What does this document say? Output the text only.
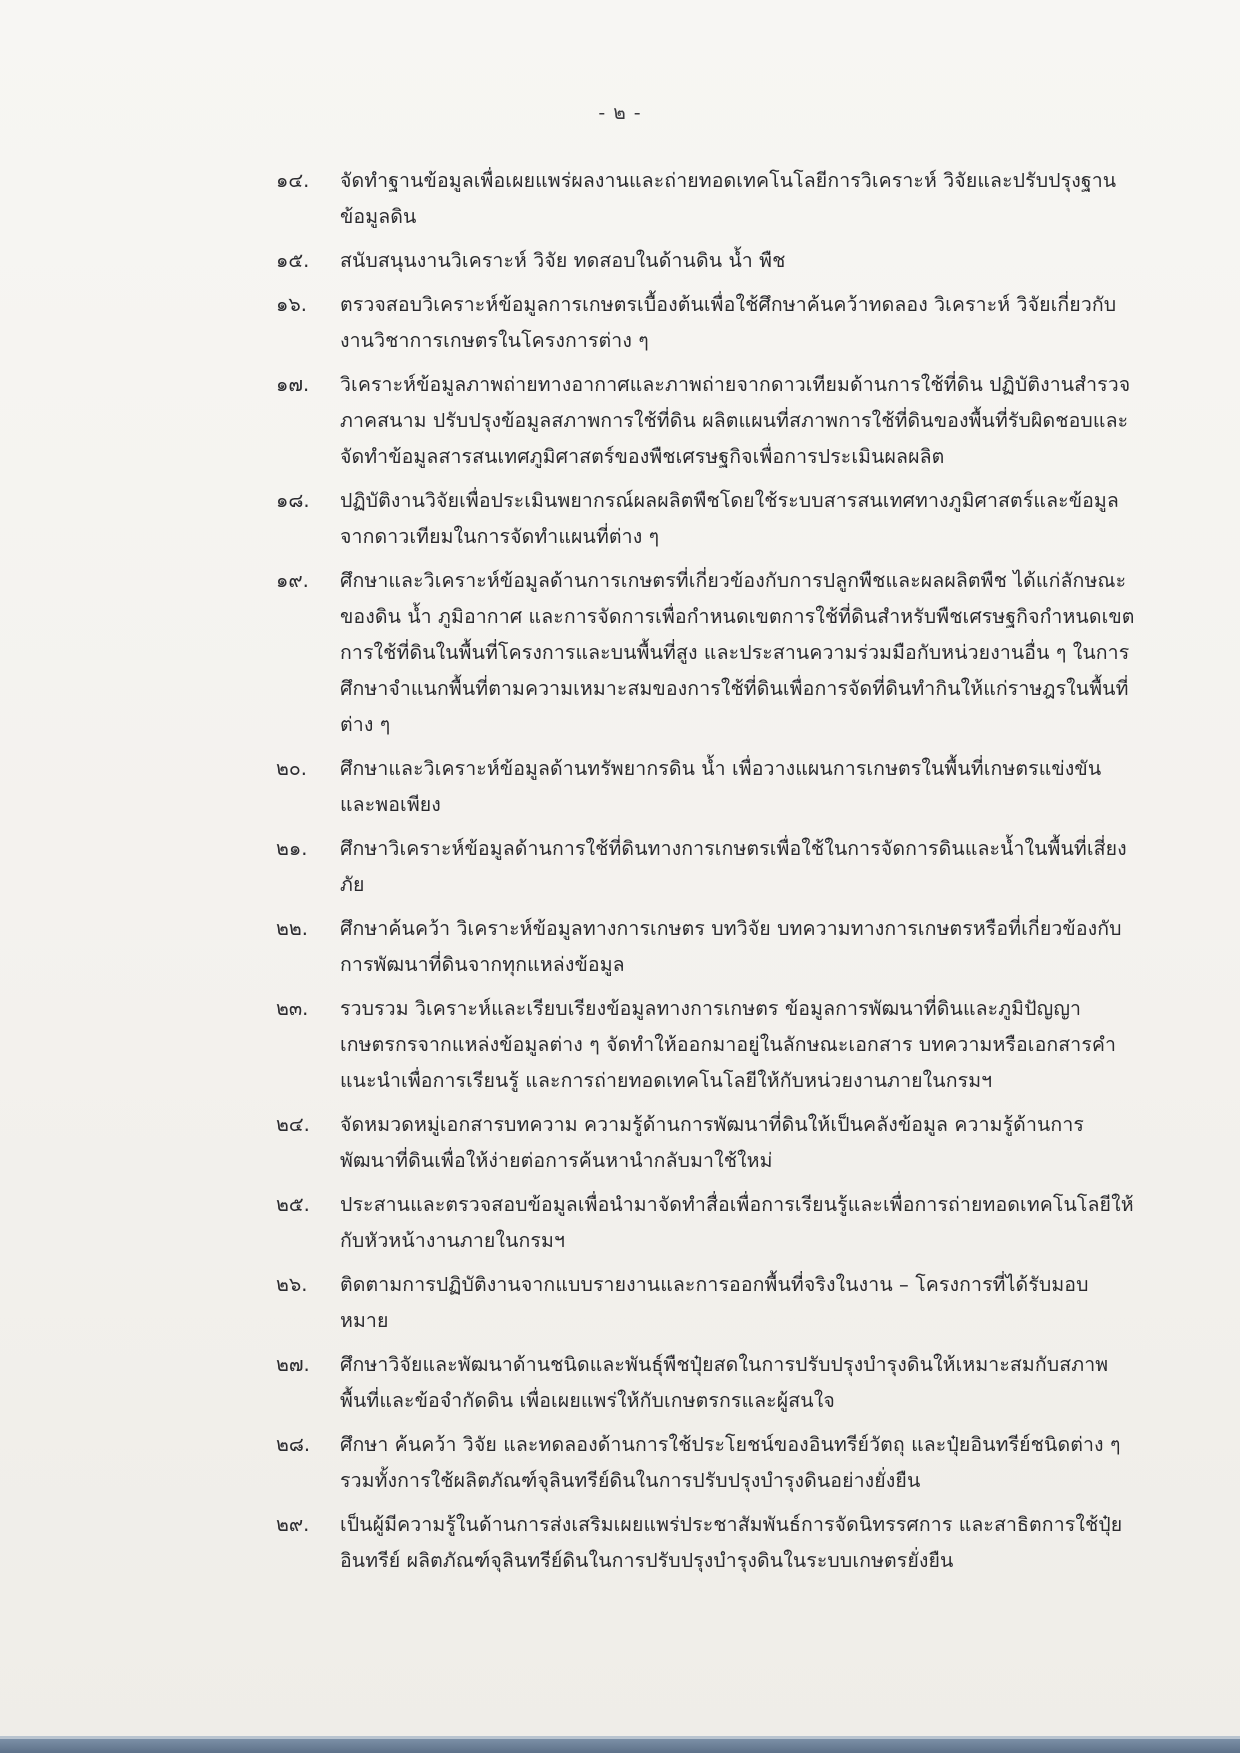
- ๒ -
๑๔.	จัดทำฐานข้อมูลเพื่อเผยแพร่ผลงานและถ่ายทอดเทคโนโลยีการวิเคราะห์ วิจัยและปรับปรุงฐานข้อมูลดิน
๑๕.	สนับสนุนงานวิเคราะห์ วิจัย ทดสอบในด้านดิน น้ำ พืช
๑๖.	ตรวจสอบวิเคราะห์ข้อมูลการเกษตรเบื้องต้นเพื่อใช้ศึกษาค้นคว้าทดลอง วิเคราะห์ วิจัยเกี่ยวกับงานวิชาการเกษตรในโครงการต่าง ๆ
๑๗.	วิเคราะห์ข้อมูลภาพถ่ายทางอากาศและภาพถ่ายจากดาวเทียมด้านการใช้ที่ดิน ปฏิบัติงานสำรวจภาคสนาม ปรับปรุงข้อมูลสภาพการใช้ที่ดิน ผลิตแผนที่สภาพการใช้ที่ดินของพื้นที่รับผิดชอบและจัดทำข้อมูลสารสนเทศภูมิศาสตร์ของพืชเศรษฐกิจเพื่อการประเมินผลผลิต
๑๘.	ปฏิบัติงานวิจัยเพื่อประเมินพยากรณ์ผลผลิตพืชโดยใช้ระบบสารสนเทศทางภูมิศาสตร์และข้อมูลจากดาวเทียมในการจัดทำแผนที่ต่าง ๆ
๑๙.	ศึกษาและวิเคราะห์ข้อมูลด้านการเกษตรที่เกี่ยวข้องกับการปลูกพืชและผลผลิตพืช ได้แก่ลักษณะของดิน น้ำ ภูมิอากาศ และการจัดการเพื่อกำหนดเขตการใช้ที่ดินสำหรับพืชเศรษฐกิจกำหนดเขตการใช้ที่ดินในพื้นที่โครงการและบนพื้นที่สูง และประสานความร่วมมือกับหน่วยงานอื่น ๆ ในการศึกษาจำแนกพื้นที่ตามความเหมาะสมของการใช้ที่ดินเพื่อการจัดที่ดินทำกินให้แก่ราษฎรในพื้นที่ต่าง ๆ
๒๐.	ศึกษาและวิเคราะห์ข้อมูลด้านทรัพยากรดิน น้ำ เพื่อวางแผนการเกษตรในพื้นที่เกษตรแข่งขันและพอเพียง
๒๑.	ศึกษาวิเคราะห์ข้อมูลด้านการใช้ที่ดินทางการเกษตรเพื่อใช้ในการจัดการดินและน้ำในพื้นที่เสี่ยงภัย
๒๒.	ศึกษาค้นคว้า วิเคราะห์ข้อมูลทางการเกษตร บทวิจัย บทความทางการเกษตรหรือที่เกี่ยวข้องกับการพัฒนาที่ดินจากทุกแหล่งข้อมูล
๒๓.	รวบรวม วิเคราะห์และเรียบเรียงข้อมูลทางการเกษตร ข้อมูลการพัฒนาที่ดินและภูมิปัญญาเกษตรกรจากแหล่งข้อมูลต่าง ๆ จัดทำให้ออกมาอยู่ในลักษณะเอกสาร บทความหรือเอกสารคำแนะนำเพื่อการเรียนรู้ และการถ่ายทอดเทคโนโลยีให้กับหน่วยงานภายในกรมฯ
๒๔.	จัดหมวดหมู่เอกสารบทความ ความรู้ด้านการพัฒนาที่ดินให้เป็นคลังข้อมูล ความรู้ด้านการพัฒนาที่ดินเพื่อให้ง่ายต่อการค้นหานำกลับมาใช้ใหม่
๒๕.	ประสานและตรวจสอบข้อมูลเพื่อนำมาจัดทำสื่อเพื่อการเรียนรู้และเพื่อการถ่ายทอดเทคโนโลยีให้กับหัวหน้างานภายในกรมฯ
๒๖.	ติดตามการปฏิบัติงานจากแบบรายงานและการออกพื้นที่จริงในงาน – โครงการที่ได้รับมอบหมาย
๒๗.	ศึกษาวิจัยและพัฒนาด้านชนิดและพันธุ์พืชปุ๋ยสดในการปรับปรุงบำรุงดินให้เหมาะสมกับสภาพพื้นที่และข้อจำกัดดิน เพื่อเผยแพร่ให้กับเกษตรกรและผู้สนใจ
๒๘.	ศึกษา ค้นคว้า วิจัย และทดลองด้านการใช้ประโยชน์ของอินทรีย์วัตถุ และปุ๋ยอินทรีย์ชนิดต่าง ๆ รวมทั้งการใช้ผลิตภัณฑ์จุลินทรีย์ดินในการปรับปรุงบำรุงดินอย่างยั่งยืน
๒๙.	เป็นผู้มีความรู้ในด้านการส่งเสริมเผยแพร่ประชาสัมพันธ์การจัดนิทรรศการ และสาธิตการใช้ปุ๋ยอินทรีย์ ผลิตภัณฑ์จุลินทรีย์ดินในการปรับปรุงบำรุงดินในระบบเกษตรยั่งยืน
